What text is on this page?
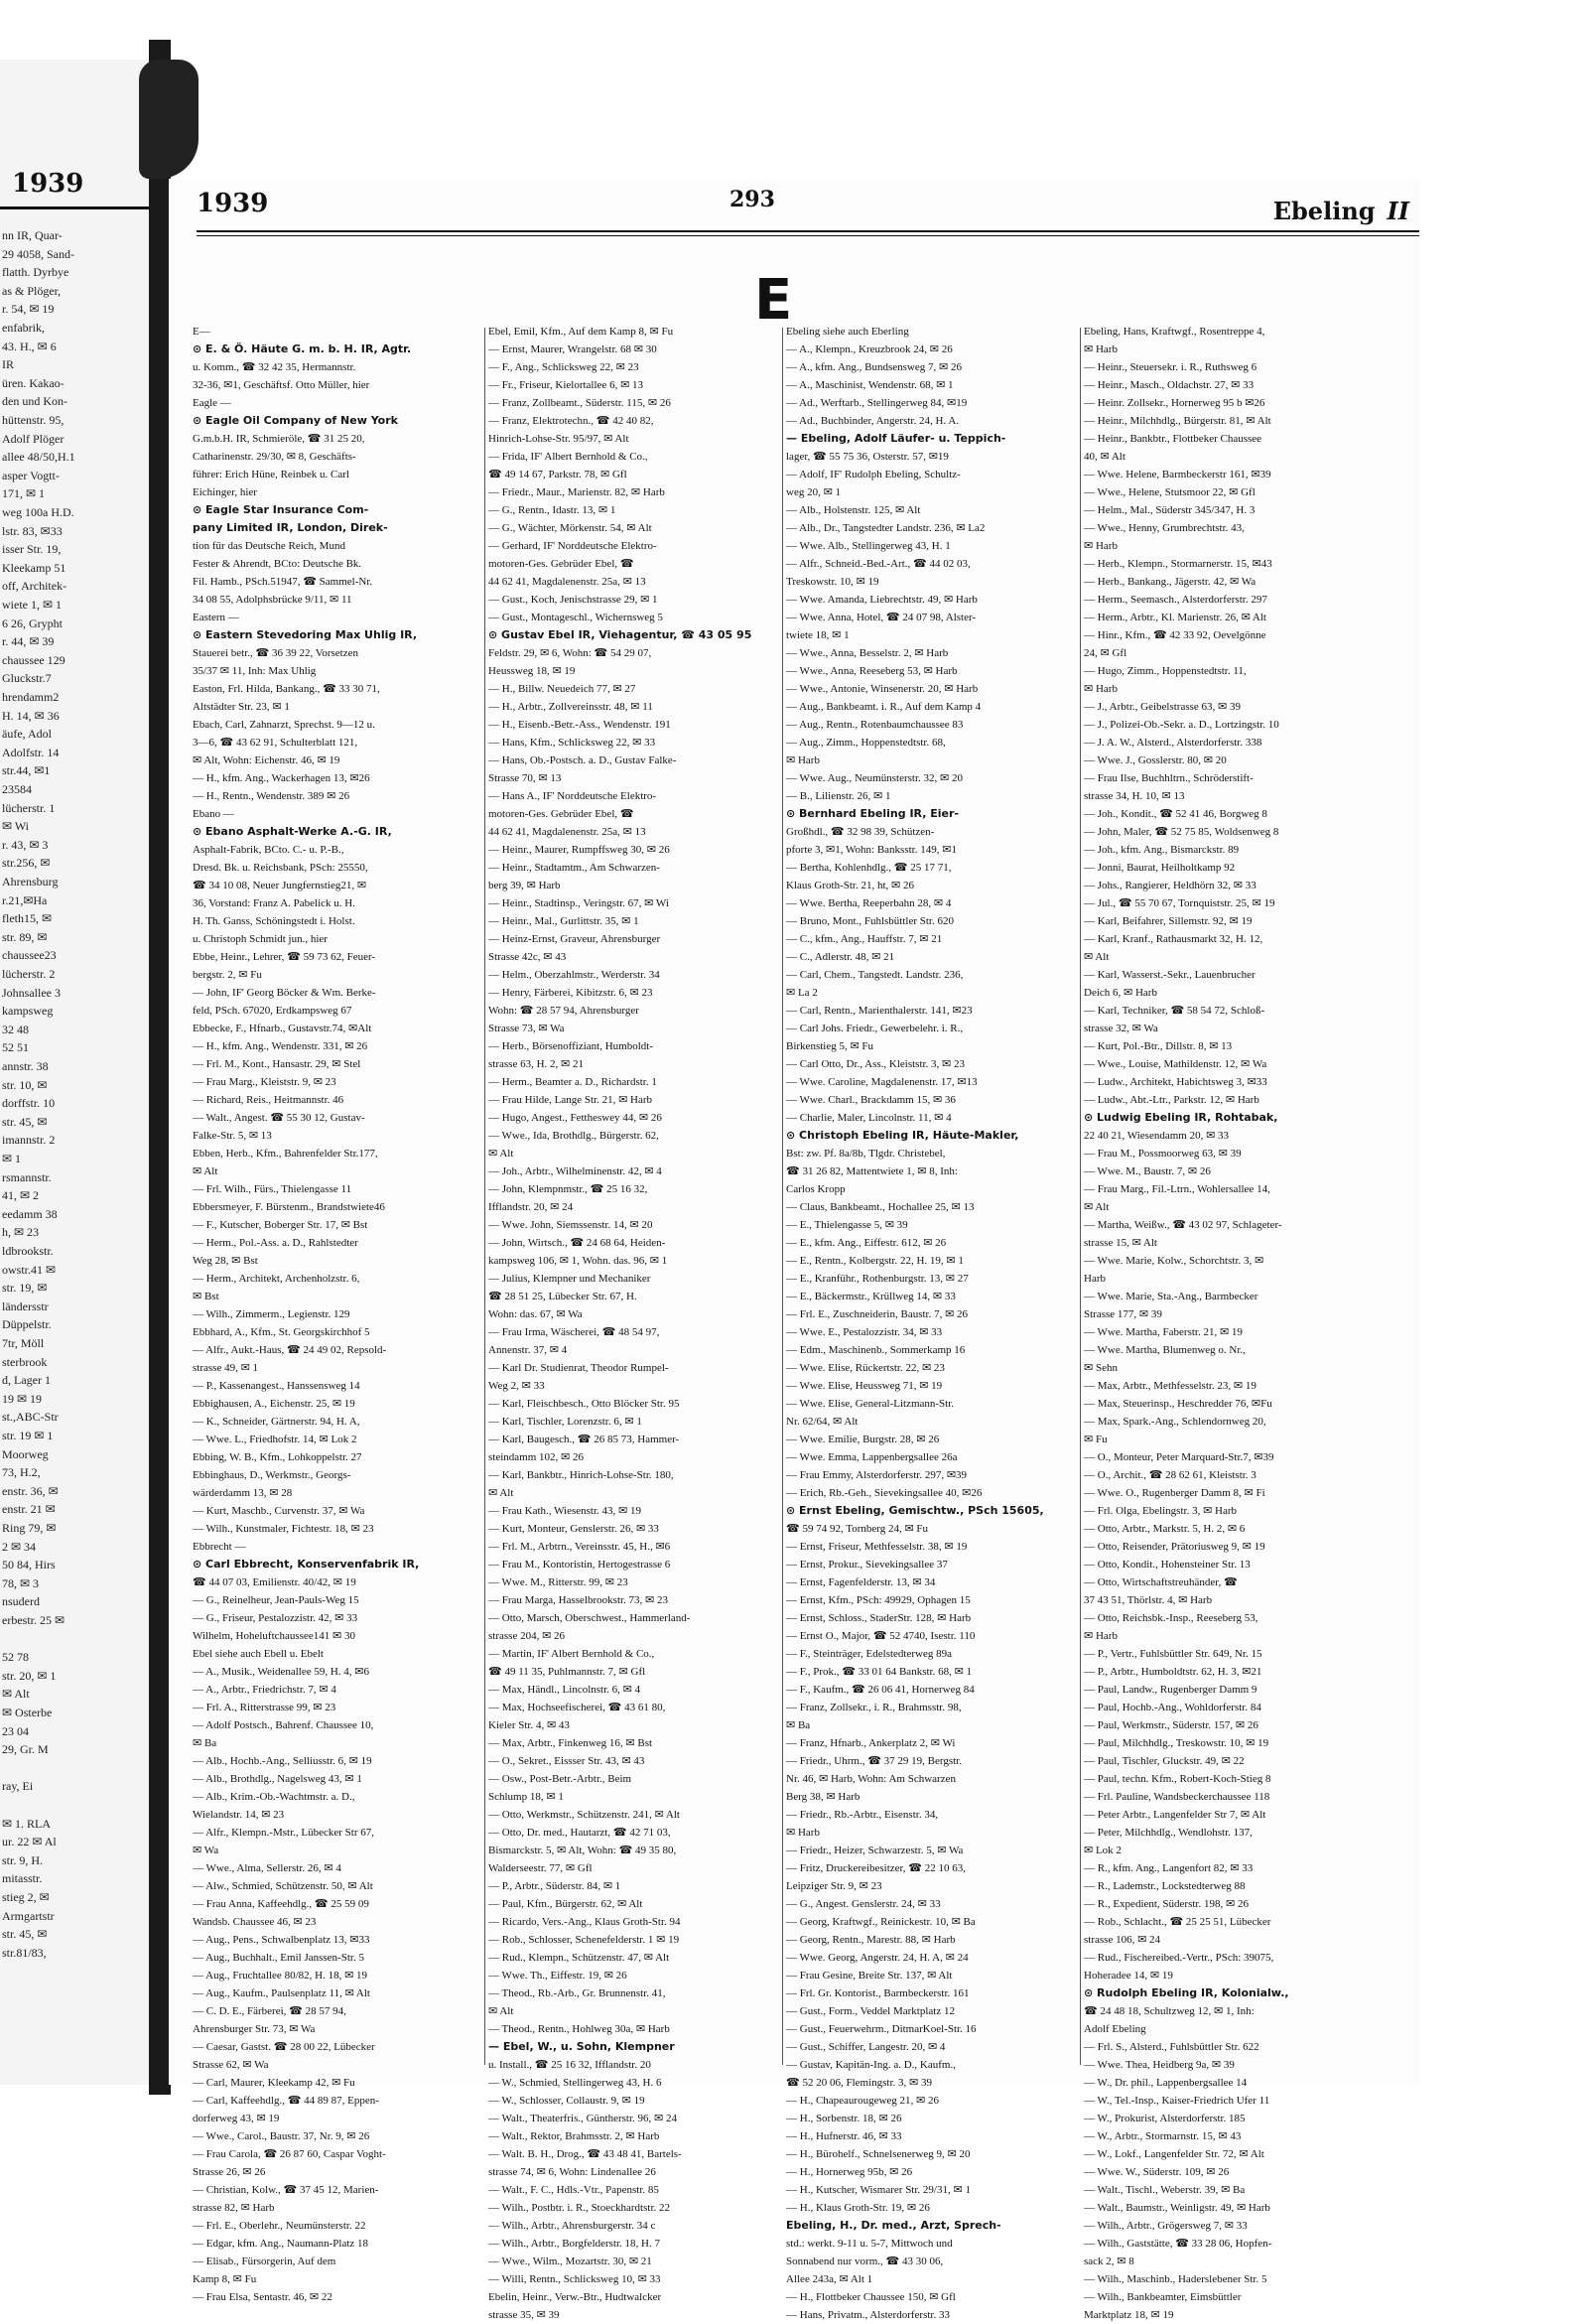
1939
nn IR, Quar-
29 4058, Sand-
flatth. Dyrbye
as & Plöger,
r. 54, ✉ 19
enfabrik,
43. H., ✉ 6
IR
üren. Kakao-
den und Kon-
hüttenstr. 95,
Adolf Plöger
allee 48/50,H.1
asper Vogtt-
171, ✉ 1
weg 100a H.D.
lstr. 83, ✉33
isser Str. 19,
Kleekamp 51
off, Architek-
wiete 1, ✉ 1
6 26, Grypht
r. 44, ✉ 39
chaussee 129
Gluckstr.7
hrendamm2
H. 14, ✉ 36
äufe, Adol
Adolfstr. 14
str.44, ✉1
23584
lücherstr. 1
✉ Wi
r. 43, ✉ 3
str.256, ✉
Ahrensburg
r.21,✉Ha
fleth15, ✉
str. 89, ✉
chaussee23
lücherstr. 2
Johnsallee 3
kampsweg
32 48
52 51
annstr. 38
str. 10, ✉
dorffstr. 10
str. 45, ✉
imannstr. 2
✉ 1
rsmannstr.
41, ✉ 2
eedamm 38
h, ✉ 23
ldbrookstr.
owstr.41 ✉
str. 19, ✉
ländersstr
Düppelstr.
7tr, Möll
sterbrook
d, Lager 1
19 ✉ 19
st.,ABC-Str
str. 19 ✉ 1
Moorweg
73, H.2,
enstr. 36, ✉
enstr. 21 ✉
Ring 79, ✉
2 ✉ 34
50 84, Hirs
78, ✉ 3
nsuderd
erbestr. 25 ✉
52 78
str. 20, ✉ 1
✉ Alt
✉ Osterbe
23 04
29, Gr. M
ray, Ei
✉ 1. RLA
ur. 22 ✉ Al
str. 9, H.
mitasstr.
stieg 2, ✉
Armgartstr
str. 45, ✉
str.81/83,
1939	293	Ebeling II
E
E—
⊙ E. & Ö. Häute G. m. b. H. IR, Agtr.
u. Komm., ☎ 32 42 35, Hermannstr.
32-36, ✉1, Geschäftsf. Otto Müller, hier
Eagle —
⊙ Eagle Oil Company of New York
G.m.b.H. IR, Schmieröle, ☎ 31 25 20,
Catharinenstr. 29/30, ✉ 8, Geschäfts-
führer: Erich Hüne, Reinbek u. Carl
Eichinger, hier
⊙ Eagle Star Insurance Com-
pany Limited IR, London, Direk-
tion für das Deutsche Reich, Mund
Fester & Ahrendt, BCto: Deutsche Bk.
Fil. Hamb., PSch.51947, ☎ Sammel-Nr.
34 08 55, Adolphsbrücke 9/11, ✉ 11
Eastern —
⊙ Eastern Stevedoring Max Uhlig IR,
Stauerei betr., ☎ 36 39 22, Vorsetzen
35/37 ✉ 11, Inh: Max Uhlig
Easton, Frl. Hilda, Bankang., ☎ 33 30 71,
Altstädter Str. 23, ✉ 1
Ebach, Carl, Zahnarzt, Sprechst. 9—12 u.
3—6, ☎ 43 62 91, Schulterblatt 121,
✉ Alt, Wohn: Eichenstr. 46, ✉ 19
— H., kfm. Ang., Wackerhagen 13, ✉26
— H., Rentn., Wendenstr. 389 ✉ 26
Ebano —
⊙ Ebano Asphalt-Werke A.-G. IR,
Asphalt-Fabrik, BCto. C.- u. P.-B.,
Dresd. Bk. u. Reichsbank, PSch: 25550,
☎ 34 10 08, Neuer Jungfernstieg21, ✉
36, Vorstand: Franz A. Pabelick u. H.
H. Th. Ganss, Schöningstedt i. Holst.
u. Christoph Schmidt jun., hier
Ebbe, Heinr., Lehrer, ☎ 59 73 62, Feuer-
bergstr. 2, ✉ Fu
— John, IF' Georg Böcker & Wm. Berke-
feld, PSch. 67020, Erdkampsweg 67
Ebbecke, F., Hfnarb., Gustavstr.74, ✉Alt
— H., kfm. Ang., Wendenstr. 331, ✉ 26
— Frl. M., Kont., Hansastr. 29, ✉ Stel
— Frau Marg., Kleiststr. 9, ✉ 23
— Richard, Reis., Heitmannstr. 46
— Walt., Angest. ☎ 55 30 12, Gustav-
Falke-Str. 5, ✉ 13
Ebben, Herb., Kfm., Bahrenfelder Str.177,
✉ Alt
— Frl. Wilh., Fürs., Thielengasse 11
Ebbersmeyer, F. Bürstenm., Brandstwiete46
— F., Kutscher, Boberger Str. 17, ✉ Bst
— Herm., Pol.-Ass. a. D., Rahlstedter
Weg 28, ✉ Bst
— Herm., Architekt, Archenholzstr. 6,
✉ Bst
— Wilh., Zimmerm., Legienstr. 129
Ebbhard, A., Kfm., St. Georgskirchhof 5
— Alfr., Aukt.-Haus, ☎ 24 49 02, Repsold-
strasse 49, ✉ 1
— P., Kassenangest., Hanssensweg 14
Ebbighausen, A., Eichenstr. 25, ✉ 19
— K., Schneider, Gärtnerstr. 94, H. A,
— Wwe. L., Friedhofstr. 14, ✉ Lok 2
Ebbing, W. B., Kfm., Lohkoppelstr. 27
Ebbinghaus, D., Werkmstr., Georgs-
wärderdamm 13, ✉ 28
— Kurt, Maschb., Curvenstr. 37, ✉ Wa
— Wilh., Kunstmaler, Fichtestr. 18, ✉ 23
Ebbrecht —
⊙ Carl Ebbrecht, Konservenfabrik IR,
☎ 44 07 03, Emilienstr. 40/42, ✉ 19
— G., Reinelheur, Jean-Pauls-Weg 15
— G., Friseur, Pestalozzistr. 42, ✉ 33
Wilhelm, Hoheluftchaussee141 ✉ 30
Ebel siehe auch Ebell u. Ebelt
— A., Musik., Weidenallee 59, H. 4, ✉6
— A., Arbtr., Friedrichstr. 7, ✉ 4
— Frl. A., Ritterstrasse 99, ✉ 23
— Adolf Postsch., Bahrenf. Chaussee 10,
✉ Ba
— Alb., Hochb.-Ang., Selliusstr. 6, ✉ 19
— Alb., Brothdlg., Nagelsweg 43, ✉ 1
— Alb., Krim.-Ob.-Wachtmstr. a. D.,
Wielandstr. 14, ✉ 23
— Alfr., Klempn.-Mstr., Lübecker Str 67,
✉ Wa
— Wwe., Alma, Sellerstr. 26, ✉ 4
— Alw., Schmied, Schützenstr. 50, ✉ Alt
— Frau Anna, Kaffeehdlg., ☎ 25 59 09
Wandsb. Chaussee 46, ✉ 23
— Aug., Pens., Schwalbenplatz 13, ✉33
— Aug., Buchhalt., Emil Janssen-Str. 5
— Aug., Fruchtallee 80/82, H. 18, ✉ 19
— Aug., Kaufm., Paulsenplatz 11, ✉ Alt
— C. D. E., Färberei, ☎ 28 57 94,
Ahrensburger Str. 73, ✉ Wa
— Caesar, Gastst. ☎ 28 00 22, Lübecker
Strasse 62, ✉ Wa
— Carl, Maurer, Kleekamp 42, ✉ Fu
— Carl, Kaffeehdlg., ☎ 44 89 87, Eppen-
dorferweg 43, ✉ 19
— Wwe., Carol., Baustr. 37, Nr. 9, ✉ 26
— Frau Carola, ☎ 26 87 60, Caspar Voght-
Strasse 26, ✉ 26
— Christian, Kolw., ☎ 37 45 12, Marien-
strasse 82, ✉ Harb
— Frl. E., Oberlehr., Neumünsterstr. 22
— Edgar, kfm. Ang., Naumann-Platz 18
— Elisab., Fürsorgerin, Auf dem
Kamp 8, ✉ Fu
— Frau Elsa, Sentastr. 46, ✉ 22
Ebel, Emil, Kfm., Auf dem Kamp 8, ✉ Fu
— Ernst, Maurer, Wrangelstr. 68 ✉ 30
— F., Ang., Schlicksweg 22, ✉ 23
— Fr., Friseur, Kielortallee 6, ✉ 13
— Franz, Zollbeamt., Süderstr. 115, ✉ 26
— Franz, Elektrotechn., ☎ 42 40 82,
Hinrich-Lohse-Str. 95/97, ✉ Alt
— Frida, IF' Albert Bernhold & Co.,
☎ 49 14 67, Parkstr. 78, ✉ Gfl
— Friedr., Maur., Marienstr. 82, ✉ Harb
— G., Rentn., Idastr. 13, ✉ 1
— G., Wächter, Mörkenstr. 54, ✉ Alt
— Gerhard, IF' Norddeutsche Elektro-
motoren-Ges. Gebrüder Ebel, ☎
44 62 41, Magdalenenstr. 25a, ✉ 13
— Gust., Koch, Jenischstrasse 29, ✉ 1
— Gust., Montageschl., Wichernsweg 5
⊙ Gustav Ebel IR, Viehagentur, ☎ 43 05 95
Feldstr. 29, ✉ 6, Wohn: ☎ 54 29 07,
Heussweg 18, ✉ 19
— H., Billw. Neuedeich 77, ✉ 27
— H., Arbtr., Zollvereinsstr. 48, ✉ 11
— H., Eisenb.-Betr.-Ass., Wendenstr. 191
— Hans, Kfm., Schlicksweg 22, ✉ 33
— Hans, Ob.-Postsch. a. D., Gustav Falke-
Strasse 70, ✉ 13
— Hans A., IF' Norddeutsche Elektro-
motoren-Ges. Gebrüder Ebel, ☎
44 62 41, Magdalenenstr. 25a, ✉ 13
— Heinr., Maurer, Rumpffsweg 30, ✉ 26
— Heinr., Stadtamtm., Am Schwarzen-
berg 39, ✉ Harb
— Heinr., Stadtinsp., Veringstr. 67, ✉ Wi
— Heinr., Mal., Gurlittstr. 35, ✉ 1
— Heinz-Ernst, Graveur, Ahrensburger
Strasse 42c, ✉ 43
— Helm., Oberzahlmstr., Werderstr. 34
— Henry, Färberei, Kibitzstr. 6, ✉ 23
Wohn: ☎ 28 57 94, Ahrensburger
Strasse 73, ✉ Wa
— Herb., Börsenoffiziant, Humboldt-
strasse 63, H. 2, ✉ 21
— Herm., Beamter a. D., Richardstr. 1
— Frau Hilde, Lange Str. 21, ✉ Harb
— Hugo, Angest., Fettheswey 44, ✉ 26
— Wwe., Ida, Brothdlg., Bürgerstr. 62,
✉ Alt
— Joh., Arbtr., Wilhelminenstr. 42, ✉ 4
— John, Klempnmstr., ☎ 25 16 32,
Ifflandstr. 20, ✉ 24
— Wwe. John, Siemssenstr. 14, ✉ 20
— John, Wirtsch., ☎ 24 68 64, Heiden-
kampsweg 106, ✉ 1, Wohn. das. 96, ✉ 1
— Julius, Klempner und Mechaniker
☎ 28 51 25, Lübecker Str. 67, H.
Wohn: das. 67, ✉ Wa
— Frau Irma, Wäscherei, ☎ 48 54 97,
Annenstr. 37, ✉ 4
— Karl Dr. Studienrat, Theodor Rumpel-
Weg 2, ✉ 33
— Karl, Fleischbesch., Otto Blöcker Str. 95
— Karl, Tischler, Lorenzstr. 6, ✉ 1
— Karl, Baugesch., ☎ 26 85 73, Hammer-
steindamm 102, ✉ 26
— Karl, Bankbtr., Hinrich-Lohse-Str. 180,
✉ Alt
— Frau Kath., Wiesenstr. 43, ✉ 19
— Kurt, Monteur, Genslerstr. 26, ✉ 33
— Frl. M., Arbtrn., Vereinsstr. 45, H., ✉6
— Frau M., Kontoristin, Hertogestrasse 6
— Wwe. M., Ritterstr. 99, ✉ 23
— Frau Marga, Hasselbrookstr. 73, ✉ 23
— Otto, Marsch, Oberschwest., Hammerland-
strasse 204, ✉ 26
— Martin, IF' Albert Bernhold & Co.,
☎ 49 11 35, Puhlmannstr. 7, ✉ Gfl
— Max, Händl., Lincolnstr. 6, ✉ 4
— Max, Hochseefischerei, ☎ 43 61 80,
Kieler Str. 4, ✉ 43
— Max, Arbtr., Finkenweg 16, ✉ Bst
— O., Sekret., Eissser Str. 43, ✉ 43
— Osw., Post-Betr.-Arbtr., Beim
Schlump 18, ✉ 1
— Otto, Werkmstr., Schützenstr. 241, ✉ Alt
— Otto, Dr. med., Hautarzt, ☎ 42 71 03,
Bismarckstr. 5, ✉ Alt, Wohn: ☎ 49 35 80,
Walderseestr. 77, ✉ Gfl
— P., Arbtr., Süderstr. 84, ✉ 1
— Paul, Kfm., Bürgerstr. 62, ✉ Alt
— Ricardo, Vers.-Ang., Klaus Groth-Str. 94
— Rob., Schlosser, Schenefelderstr. 1 ✉ 19
— Rud., Klempn., Schützenstr. 47, ✉ Alt
— Wwe. Th., Eiffestr. 19, ✉ 26
— Theod., Rb.-Arb., Gr. Brunnenstr. 41,
✉ Alt
— Theod., Rentn., Hohlweg 30a, ✉ Harb
— Ebel, W., u. Sohn, Klempner
u. Install., ☎ 25 16 32, Ifflandstr. 20
— W., Schmied, Stellingerweg 43, H. 6
— W., Schlosser, Collaustr. 9, ✉ 19
— Walt., Theaterfris., Güntherstr. 96, ✉ 24
— Walt., Rektor, Brahmsstr. 2, ✉ Harb
— Walt. B. H., Drog., ☎ 43 48 41, Bartels-
strasse 74, ✉ 6, Wohn: Lindenallee 26
— Walt., F. C., Hdls.-Vtr., Papenstr. 85
— Wilh., Postbtr. i. R., Stoeckhardtstr. 22
— Wilh., Arbtr., Ahrensburgerstr. 34 c
— Wilh., Arbtr., Borgfelderstr. 18, H. 7
— Wwe., Wilm., Mozartstr. 30, ✉ 21
— Willi, Rentn., Schlicksweg 10, ✉ 33
Ebelin, Heinr., Verw.-Btr., Hudtwalcker
strasse 35, ✉ 39
Ebeling siehe auch Eberling
— A., Klempn., Kreuzbrook 24, ✉ 26
— A., kfm. Ang., Bundsensweg 7, ✉ 26
— A., Maschinist, Wendenstr. 68, ✉ 1
— Ad., Werftarb., Stellingerweg 84, ✉19
— Ad., Buchbinder, Angerstr. 24, H. A.
— Ebeling, Adolf Läufer- u. Teppich-
lager, ☎ 55 75 36, Osterstr. 57, ✉19
— Adolf, IF' Rudolph Ebeling, Schultz-
weg 20, ✉ 1
— Alb., Holstenstr. 125, ✉ Alt
— Alb., Dr., Tangstedter Landstr. 236, ✉ La2
— Wwe. Alb., Stellingerweg 43, H. 1
— Alfr., Schneid.-Bed.-Art., ☎ 44 02 03,
Treskowstr. 10, ✉ 19
— Wwe. Amanda, Liebrechtstr. 49, ✉ Harb
— Wwe. Anna, Hotel, ☎ 24 07 98, Alster-
twiete 18, ✉ 1
— Wwe., Anna, Besselstr. 2, ✉ Harb
— Wwe., Anna, Reeseberg 53, ✉ Harb
— Wwe., Antonie, Winsenerstr. 20, ✉ Harb
— Aug., Bankbeamt. i. R., Auf dem Kamp 4
— Aug., Rentn., Rotenbaumchaussee 83
— Aug., Zimm., Hoppenstedtstr. 68,
✉ Harb
— Wwe. Aug., Neumünsterstr. 32, ✉ 20
— B., Lilienstr. 26, ✉ 1
⊙ Bernhard Ebeling IR, Eier-
Großhdl., ☎ 32 98 39, Schützen-
pforte 3, ✉1, Wohn: Banksstr. 149, ✉1
— Bertha, Kohlenhdlg., ☎ 25 17 71,
Klaus Groth-Str. 21, ht, ✉ 26
— Wwe. Bertha, Reeperbahn 28, ✉ 4
— Bruno, Mont., Fuhlsbüttler Str. 620
— C., kfm., Ang., Hauffstr. 7, ✉ 21
— C., Adlerstr. 48, ✉ 21
— Carl, Chem., Tangstedt. Landstr. 236,
✉ La 2
— Carl, Rentn., Marienthalerstr. 141, ✉23
— Carl Johs. Friedr., Gewerbelehr. i. R.,
Birkenstieg 5, ✉ Fu
— Carl Otto, Dr., Ass., Kleiststr. 3, ✉ 23
— Wwe. Caroline, Magdalenenstr. 17, ✉13
— Wwe. Charl., Brackdamm 15, ✉ 36
— Charlie, Maler, Lincolnstr. 11, ✉ 4
⊙ Christoph Ebeling IR, Häute-Makler,
Bst: zw. Pf. 8a/8b, Tlgdr. Christebel,
☎ 31 26 82, Mattentwiete 1, ✉ 8, Inh:
Carlos Kropp
— Claus, Bankbeamt., Hochallee 25, ✉ 13
— E., Thielengasse 5, ✉ 39
— E., kfm. Ang., Eiffestr. 612, ✉ 26
— E., Rentn., Kolbergstr. 22, H. 19, ✉ 1
— E., Kranführ., Rothenburgstr. 13, ✉ 27
— E., Bäckermstr., Krüllweg 14, ✉ 33
— Frl. E., Zuschneiderin, Baustr. 7, ✉ 26
— Wwe. E., Pestalozzistr. 34, ✉ 33
— Edm., Maschinenb., Sommerkamp 16
— Wwe. Elise, Rückertstr. 22, ✉ 23
— Wwe. Elise, Heussweg 71, ✉ 19
— Wwe. Elise, General-Litzmann-Str.
Nr. 62/64, ✉ Alt
— Wwe. Emilie, Burgstr. 28, ✉ 26
— Wwe. Emma, Lappenbergsallee 26a
— Frau Emmy, Alsterdorferstr. 297, ✉39
— Erich, Rb.-Geh., Sievekingsallee 40, ✉26
⊙ Ernst Ebeling, Gemischtw., PSch 15605,
☎ 59 74 92, Tornberg 24, ✉ Fu
— Ernst, Friseur, Methfesselstr. 38, ✉ 19
— Ernst, Prokur., Sievekingsallee 37
— Ernst, Fagenfelderstr. 13, ✉ 34
— Ernst, Kfm., PSch: 49929, Ophagen 15
— Ernst, Schloss., StaderStr. 128, ✉ Harb
— Ernst O., Major, ☎ 52 4740, Isestr. 110
— F., Steinträger, Edelstedterweg 89a
— F., Prok., ☎ 33 01 64 Bankstr. 68, ✉ 1
— F., Kaufm., ☎ 26 06 41, Hornerweg 84
— Franz, Zollsekr., i. R., Brahmsstr. 98,
✉ Ba
— Franz, Hfnarb., Ankerplatz 2, ✉ Wi
— Friedr., Uhrm., ☎ 37 29 19, Bergstr.
Nr. 46, ✉ Harb, Wohn: Am Schwarzen
Berg 38, ✉ Harb
— Friedr., Rb.-Arbtr., Eisenstr. 34,
✉ Harb
— Friedr., Heizer, Schwarzestr. 5, ✉ Wa
— Fritz, Druckereibesitzer, ☎ 22 10 63,
Leipziger Str. 9, ✉ 23
— G., Angest. Genslerstr. 24, ✉ 33
— Georg, Kraftwgf., Reinickestr. 10, ✉ Ba
— Georg, Rentn., Marestr. 88, ✉ Harb
— Wwe. Georg, Angerstr. 24, H. A, ✉ 24
— Frau Gesine, Breite Str. 137, ✉ Alt
— Frl. Gr. Kontorist., Barmbeckerstr. 161
— Gust., Form., Veddel Marktplatz 12
— Gust., Feuerwehrm., DitmarKoel-Str. 16
— Gust., Schiffer, Langestr. 20, ✉ 4
— Gustav, Kapitän-Ing. a. D., Kaufm.,
☎ 52 20 06, Flemingstr. 3, ✉ 39
— H., Chapeaurougeweg 21, ✉ 26
— H., Sorbenstr. 18, ✉ 26
— H., Hufnerstr. 46, ✉ 33
— H., Bürohelf., Schnelsenerweg 9, ✉ 20
— H., Hornerweg 95b, ✉ 26
— H., Kutscher, Wismarer Str. 29/31, ✉ 1
— H., Klaus Groth-Str. 19, ✉ 26
Ebeling, H., Dr. med., Arzt, Sprech-
std.: werkt. 9-11 u. 5-7, Mittwoch und
Sonnabend nur vorm., ☎ 43 30 06,
Allee 243a, ✉ Alt 1
— H., Flottbeker Chaussee 150, ✉ Gfl
— Hans, Privatm., Alsterdorferstr. 33
Ebeling, Hans, Kraftwgf., Rosentreppe 4,
✉ Harb
— Heinr., Steuersekr. i. R., Ruthsweg 6
— Heinr., Masch., Oldachstr. 27, ✉ 33
— Heinr. Zollsekr., Hornerweg 95 b ✉26
— Heinr., Milchhdlg., Bürgerstr. 81, ✉ Alt
— Heinr., Bankbtr., Flottbeker Chaussee
40, ✉ Alt
— Wwe. Helene, Barmbeckerstr 161, ✉39
— Wwe., Helene, Stutsmoor 22, ✉ Gfl
— Helm., Mal., Süderstr 345/347, H. 3
— Wwe., Henny, Grumbrechtstr. 43,
✉ Harb
— Herb., Klempn., Stormarnerstr. 15, ✉43
— Herb., Bankang., Jägerstr. 42, ✉ Wa
— Herm., Seemasch., Alsterdorferstr. 297
— Herm., Arbtr., Kl. Marienstr. 26, ✉ Alt
— Hinr., Kfm., ☎ 42 33 92, Oevelgönne
24, ✉ Gfl
— Hugo, Zimm., Hoppenstedtstr. 11,
✉ Harb
— J., Arbtr., Geibelstrasse 63, ✉ 39
— J., Polizei-Ob.-Sekr. a. D., Lortzingstr. 10
— J. A. W., Alsterd., Alsterdorferstr. 338
— Wwe. J., Gosslerstr. 80, ✉ 20
— Frau Ilse, Buchhltrn., Schröderstift-
strasse 34, H. 10, ✉ 13
— Joh., Kondit., ☎ 52 41 46, Borgweg 8
— John, Maler, ☎ 52 75 85, Woldsenweg 8
— Joh., kfm. Ang., Bismarckstr. 89
— Jonni, Baurat, Heilholtkamp 92
— Johs., Rangierer, Heldhörn 32, ✉ 33
— Jul., ☎ 55 70 67, Tornquiststr. 25, ✉ 19
— Karl, Beifahrer, Sillemstr. 92, ✉ 19
— Karl, Kranf., Rathausmarkt 32, H. 12,
✉ Alt
— Karl, Wasserst.-Sekr., Lauenbrucher
Deich 6, ✉ Harb
— Karl, Techniker, ☎ 58 54 72, Schloß-
strasse 32, ✉ Wa
— Kurt, Pol.-Btr., Dillstr. 8, ✉ 13
— Wwe., Louise, Mathildenstr. 12, ✉ Wa
— Ludw., Architekt, Habichtsweg 3, ✉33
— Ludw., Abt.-Ltr., Parkstr. 12, ✉ Harb
⊙ Ludwig Ebeling IR, Rohtabak,
22 40 21, Wiesendamm 20, ✉ 33
— Frau M., Possmoorweg 63, ✉ 39
— Wwe. M., Baustr. 7, ✉ 26
— Frau Marg., Fil.-Ltrn., Wohlersallee 14,
✉ Alt
— Martha, Weißw., ☎ 43 02 97, Schlageter-
strasse 15, ✉ Alt
— Wwe. Marie, Kolw., Schorchtstr. 3, ✉
Harb
— Wwe. Marie, Sta.-Ang., Barmbecker
Strasse 177, ✉ 39
— Wwe. Martha, Faberstr. 21, ✉ 19
— Wwe. Martha, Blumenweg o. Nr.,
✉ Sehn
— Max, Arbtr., Methfesselstr. 23, ✉ 19
— Max, Steuerinsp., Heschredder 76, ✉Fu
— Max, Spark.-Ang., Schlendornweg 20,
✉ Fu
— O., Monteur, Peter Marquard-Str.7, ✉39
— O., Archit., ☎ 28 62 61, Kleiststr. 3
— Wwe. O., Rugenberger Damm 8, ✉ Fi
— Frl. Olga, Ebelingstr. 3, ✉ Harb
— Otto, Arbtr., Markstr. 5, H. 2, ✉ 6
— Otto, Reisender, Prätoriusweg 9, ✉ 19
— Otto, Kondit., Hohensteiner Str. 13
— Otto, Wirtschaftstreuhänder, ☎
37 43 51, Thörlstr. 4, ✉ Harb
— Otto, Reichsbk.-Insp., Reeseberg 53,
✉ Harb
— P., Vertr., Fuhlsbüttler Str. 649, Nr. 15
— P., Arbtr., Humboldtstr. 62, H. 3, ✉21
— Paul, Landw., Rugenberger Damm 9
— Paul, Hochb.-Ang., Wohldorferstr. 84
— Paul, Werkmstr., Süderstr. 157, ✉ 26
— Paul, Milchhdlg., Treskowstr. 10, ✉ 19
— Paul, Tischler, Gluckstr. 49, ✉ 22
— Paul, techn. Kfm., Robert-Koch-Stieg 8
— Frl. Pauline, Wandsbeckerchaussee 118
— Peter Arbtr., Langenfelder Str 7, ✉ Alt
— Peter, Milchhdlg., Wendlohstr. 137,
✉ Lok 2
— R., kfm. Ang., Langenfort 82, ✉ 33
— R., Lademstr., Lockstedterweg 88
— R., Expedient, Süderstr. 198, ✉ 26
— Rob., Schlacht., ☎ 25 25 51, Lübecker
strasse 106, ✉ 24
— Rud., Fischereibed.-Vertr., PSch: 39075,
Hoheradee 14, ✉ 19
⊙ Rudolph Ebeling IR, Kolonialw.,
☎ 24 48 18, Schultzweg 12, ✉ 1, Inh:
Adolf Ebeling
— Frl. S., Alsterd., Fuhlsbüttler Str. 622
— Wwe. Thea, Heidberg 9a, ✉ 39
— W., Dr. phil., Lappenbergsallee 14
— W., Tel.-Insp., Kaiser-Friedrich Ufer 11
— W., Prokurist, Alsterdorferstr. 185
— W., Arbtr., Stormarnstr. 15, ✉ 43
— W., Lokf., Langenfelder Str. 72, ✉ Alt
— Wwe. W., Süderstr. 109, ✉ 26
— Walt., Tischl., Weberstr. 39, ✉ Ba
— Walt., Baumstr., Weinligstr. 49, ✉ Harb
— Wilh., Arbtr., Grögersweg 7, ✉ 33
— Wilh., Gaststätte, ☎ 33 28 06, Hopfen-
sack 2, ✉ 8
— Wilh., Maschinb., Haderslebener Str. 5
— Wilh., Bankbeamter, Eimsbüttler
Marktplatz 18, ✉ 19
